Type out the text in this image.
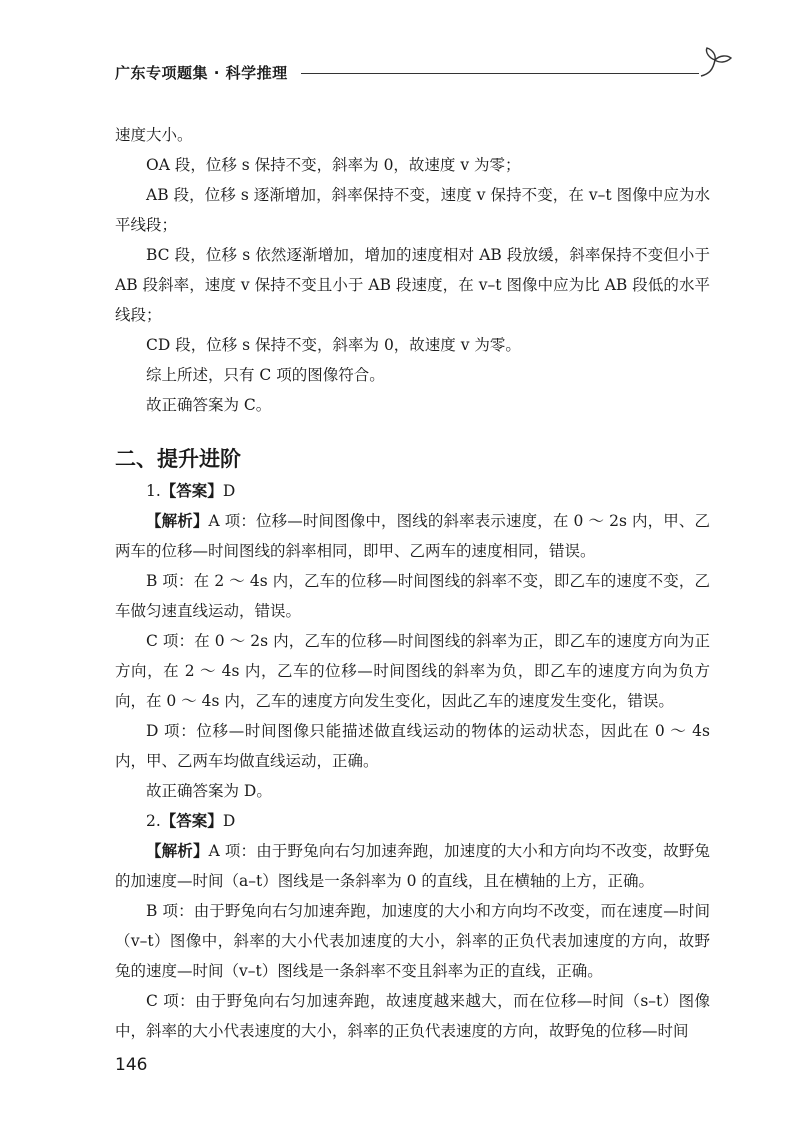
广东专项题集 · 科学推理

速度大小。

OA 段，位移 s 保持不变，斜率为 0，故速度 v 为零；

AB 段，位移 s 逐渐增加，斜率保持不变，速度 v 保持不变，在 v–t 图像中应为水平线段；

BC 段，位移 s 依然逐渐增加，增加的速度相对 AB 段放缓，斜率保持不变但小于 AB 段斜率，速度 v 保持不变且小于 AB 段速度，在 v–t 图像中应为比 AB 段低的水平线段；

CD 段，位移 s 保持不变，斜率为 0，故速度 v 为零。

综上所述，只有 C 项的图像符合。

故正确答案为 C。

二、提升进阶

1.【答案】D

【解析】A 项：位移—时间图像中，图线的斜率表示速度，在 0 ～ 2s 内，甲、乙两车的位移—时间图线的斜率相同，即甲、乙两车的速度相同，错误。

B 项：在 2 ～ 4s 内，乙车的位移—时间图线的斜率不变，即乙车的速度不变，乙车做匀速直线运动，错误。

C 项：在 0 ～ 2s 内，乙车的位移—时间图线的斜率为正，即乙车的速度方向为正方向，在 2 ～ 4s 内，乙车的位移—时间图线的斜率为负，即乙车的速度方向为负方向，在 0 ～ 4s 内，乙车的速度方向发生变化，因此乙车的速度发生变化，错误。

D 项：位移—时间图像只能描述做直线运动的物体的运动状态，因此在 0 ～ 4s 内，甲、乙两车均做直线运动，正确。

故正确答案为 D。

2.【答案】D

【解析】A 项：由于野兔向右匀加速奔跑，加速度的大小和方向均不改变，故野兔的加速度—时间（a–t）图线是一条斜率为 0 的直线，且在横轴的上方，正确。

B 项：由于野兔向右匀加速奔跑，加速度的大小和方向均不改变，而在速度—时间（v–t）图像中，斜率的大小代表加速度的大小，斜率的正负代表加速度的方向，故野兔的速度—时间（v–t）图线是一条斜率不变且斜率为正的直线，正确。

C 项：由于野兔向右匀加速奔跑，故速度越来越大，而在位移—时间（s–t）图像中，斜率的大小代表速度的大小，斜率的正负代表速度的方向，故野兔的位移—时间

146
